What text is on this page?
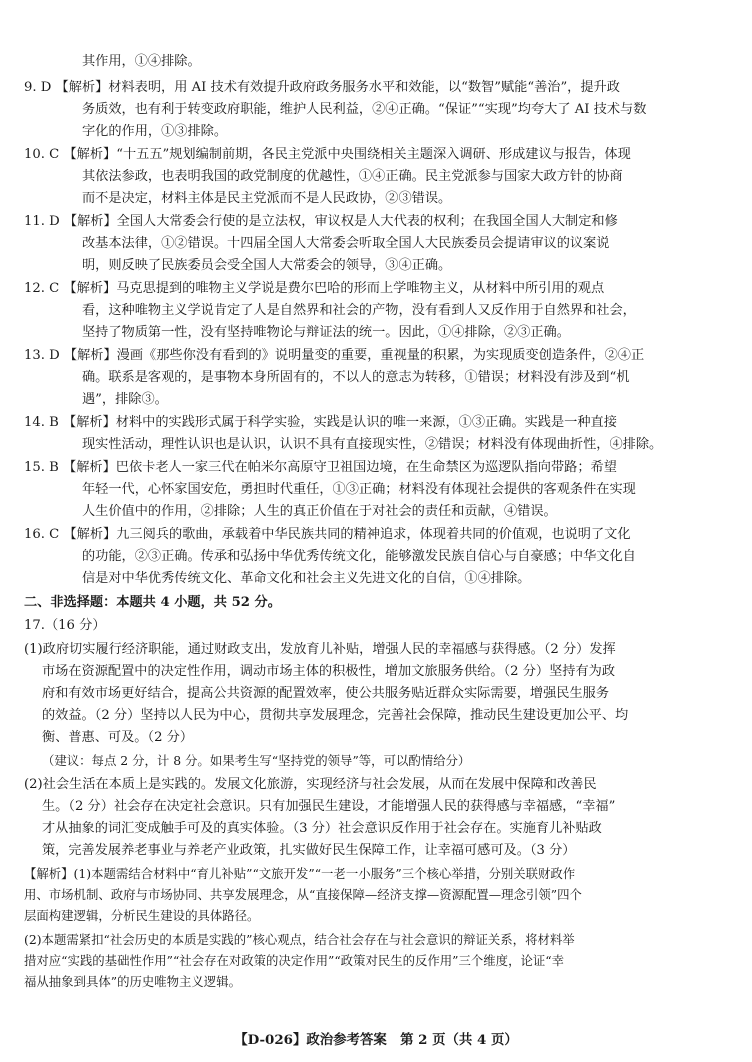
其作用，①④排除。
9. D 【解析】材料表明，用 AI 技术有效提升政府政务服务水平和效能，以“数智”赋能“善治”，提升政
务质效，也有利于转变政府职能，维护人民利益，②④正确。“保证”“实现”均夸大了 AI 技术与数
字化的作用，①③排除。
10. C 【解析】“十五五”规划编制前期，各民主党派中央围绕相关主题深入调研、形成建议与报告，体现
其依法参政，也表明我国的政党制度的优越性，①④正确。民主党派参与国家大政方针的协商
而不是决定，材料主体是民主党派而不是人民政协，②③错误。
11. D 【解析】全国人大常委会行使的是立法权，审议权是人大代表的权利；在我国全国人大制定和修
改基本法律，①②错误。十四届全国人大常委会听取全国人大民族委员会提请审议的议案说
明，则反映了民族委员会受全国人大常委会的领导，③④正确。
12. C 【解析】马克思提到的唯物主义学说是费尔巴哈的形而上学唯物主义，从材料中所引用的观点
看，这种唯物主义学说肯定了人是自然界和社会的产物，没有看到人又反作用于自然界和社会，
坚持了物质第一性，没有坚持唯物论与辩证法的统一。因此，①④排除，②③正确。
13. D 【解析】漫画《那些你没有看到的》说明量变的重要，重视量的积累，为实现质变创造条件，②④正
确。联系是客观的，是事物本身所固有的，不以人的意志为转移，①错误；材料没有涉及到“机
遇”，排除③。
14. B 【解析】材料中的实践形式属于科学实验，实践是认识的唯一来源，①③正确。实践是一种直接
现实性活动，理性认识也是认识，认识不具有直接现实性，②错误；材料没有体现曲折性，④排除。
15. B 【解析】巴依卡老人一家三代在帕米尔高原守卫祖国边境，在生命禁区为巡逻队指向带路；希望
年轻一代，心怀家国安危，勇担时代重任，①③正确；材料没有体现社会提供的客观条件在实现
人生价值中的作用，②排除；人生的真正价值在于对社会的责任和贡献，④错误。
16. C 【解析】九三阅兵的歌曲，承载着中华民族共同的精神追求，体现着共同的价值观，也说明了文化
的功能，②③正确。传承和弘扬中华优秀传统文化，能够激发民族自信心与自豪感；中华文化自
信是对中华优秀传统文化、革命文化和社会主义先进文化的自信，①④排除。
二、非选择题：本题共 4 小题，共 52 分。
17.（16 分）
(1)政府切实履行经济职能，通过财政支出，发放育儿补贴，增强人民的幸福感与获得感。（2 分）发挥
市场在资源配置中的决定性作用，调动市场主体的积极性，增加文旅服务供给。（2 分）坚持有为政
府和有效市场更好结合，提高公共资源的配置效率，使公共服务贴近群众实际需要，增强民生服务
的效益。（2 分）坚持以人民为中心，贯彻共享发展理念，完善社会保障，推动民生建设更加公平、均
衡、普惠、可及。（2 分）
（建议：每点 2 分，计 8 分。如果考生写“坚持党的领导”等，可以酌情给分）
(2)社会生活在本质上是实践的。发展文化旅游，实现经济与社会发展，从而在发展中保障和改善民
生。（2 分）社会存在决定社会意识。只有加强民生建设，才能增强人民的获得感与幸福感，“幸福”
才从抽象的词汇变成触手可及的真实体验。（3 分）社会意识反作用于社会存在。实施育儿补贴政
策，完善发展养老事业与养老产业政策，扎实做好民生保障工作，让幸福可感可及。（3 分）
【解析】(1)本题需结合材料中“育儿补贴”“文旅开发”“一老一小服务”三个核心举措，分别关联财政作
用、市场机制、政府与市场协同、共享发展理念，从“直接保障—经济支撑—资源配置—理念引领”四个
层面构建逻辑，分析民生建设的具体路径。
(2)本题需紧扣“社会历史的本质是实践的”核心观点，结合社会存在与社会意识的辩证关系，将材料举
措对应“实践的基础性作用”“社会存在对政策的决定作用”“政策对民生的反作用”三个维度，论证“幸
福从抽象到具体”的历史唯物主义逻辑。
【D-026】政治参考答案　第 2 页（共 4 页）
